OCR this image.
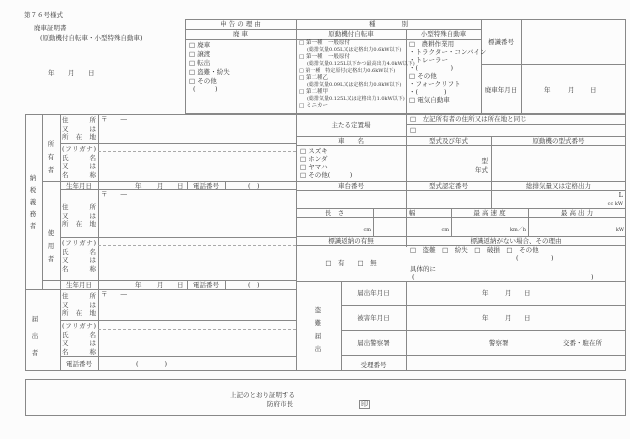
第７６号様式
廃車証明書
(原動機付自転車・小型特殊自動車)
年 月 日
申 告 の 理 由
廃 車
□ 廃車
□ 譲渡
□ 転出
□ 盗難・紛失
□ その他
(　　　)
種　　　　別
原動機付自転車	小型特殊自動車
□ 第一種　一般原付
(総排気量0.05L又は定格出力0.6kW以下)
□ 第一種　一般原付
(総排気量0.125L以下かつ最高出力4.0kW以下)
□ 第一種　特定原付(定格出力0.6kW以下)
□ 第二種乙
(総排気量0.09L又は定格出力0.8kW以下)
□ 第二種甲
(総排気量0.125L又は定格出力1.0kW以下)
□ ミニカー
□　農耕作業用
・トラクター・コンバイン
・トレーラー
・(　　　　　)
□ その他
・フォークリフト
・(　　　　)
□ 電気自動車
標識番号
廃車年月日	年	月 日
納
税
義
務
者
所
有
者
使
用
者
届
出
者
住　　所
又　　は
所 在 地
〒　　―
(フリガナ)
氏　　名
又　　は
名　　称
生年月日	年 月 日	電話番号	(　)
〒　　―
住　　所
又　　は
所 在 地
(フリガナ)
氏　　名
又　　は
名　　称
生年月日	年 月 日	電話番号	(　)
住　　所
又　　は
所 在 地
〒　　―
(フリガナ)
氏　　名
又　　は
名　　称
電話番号	(　　　　)
主たる定置場
□　左記所有者の住所又は所在地と同じ
□
車　　名	型式及び年式	原動機の型式番号
□ スズキ
□ ホンダ
□ ヤマハ
□ その他(　　　)
型
年式
車台番号	型式認定番号	総排気量又は定格出力
L
cc kW
長　さ	幅	最 高 速 度	最 高 出 力
cm	cm	km／h	kW
標識返納の有無	標識返納がない場合、その理由
□　有　　□　無
□　盗難　□　紛失　□　破損　□　その他
(　　　　　)
具体的に
(	)
盗
難
届
出
届出年月日	年	月 日
被害年月日	年	月 日
届出警察署	警察署	交番・駐在所
受理番号
上記のとおり証明する
防府市長	印
